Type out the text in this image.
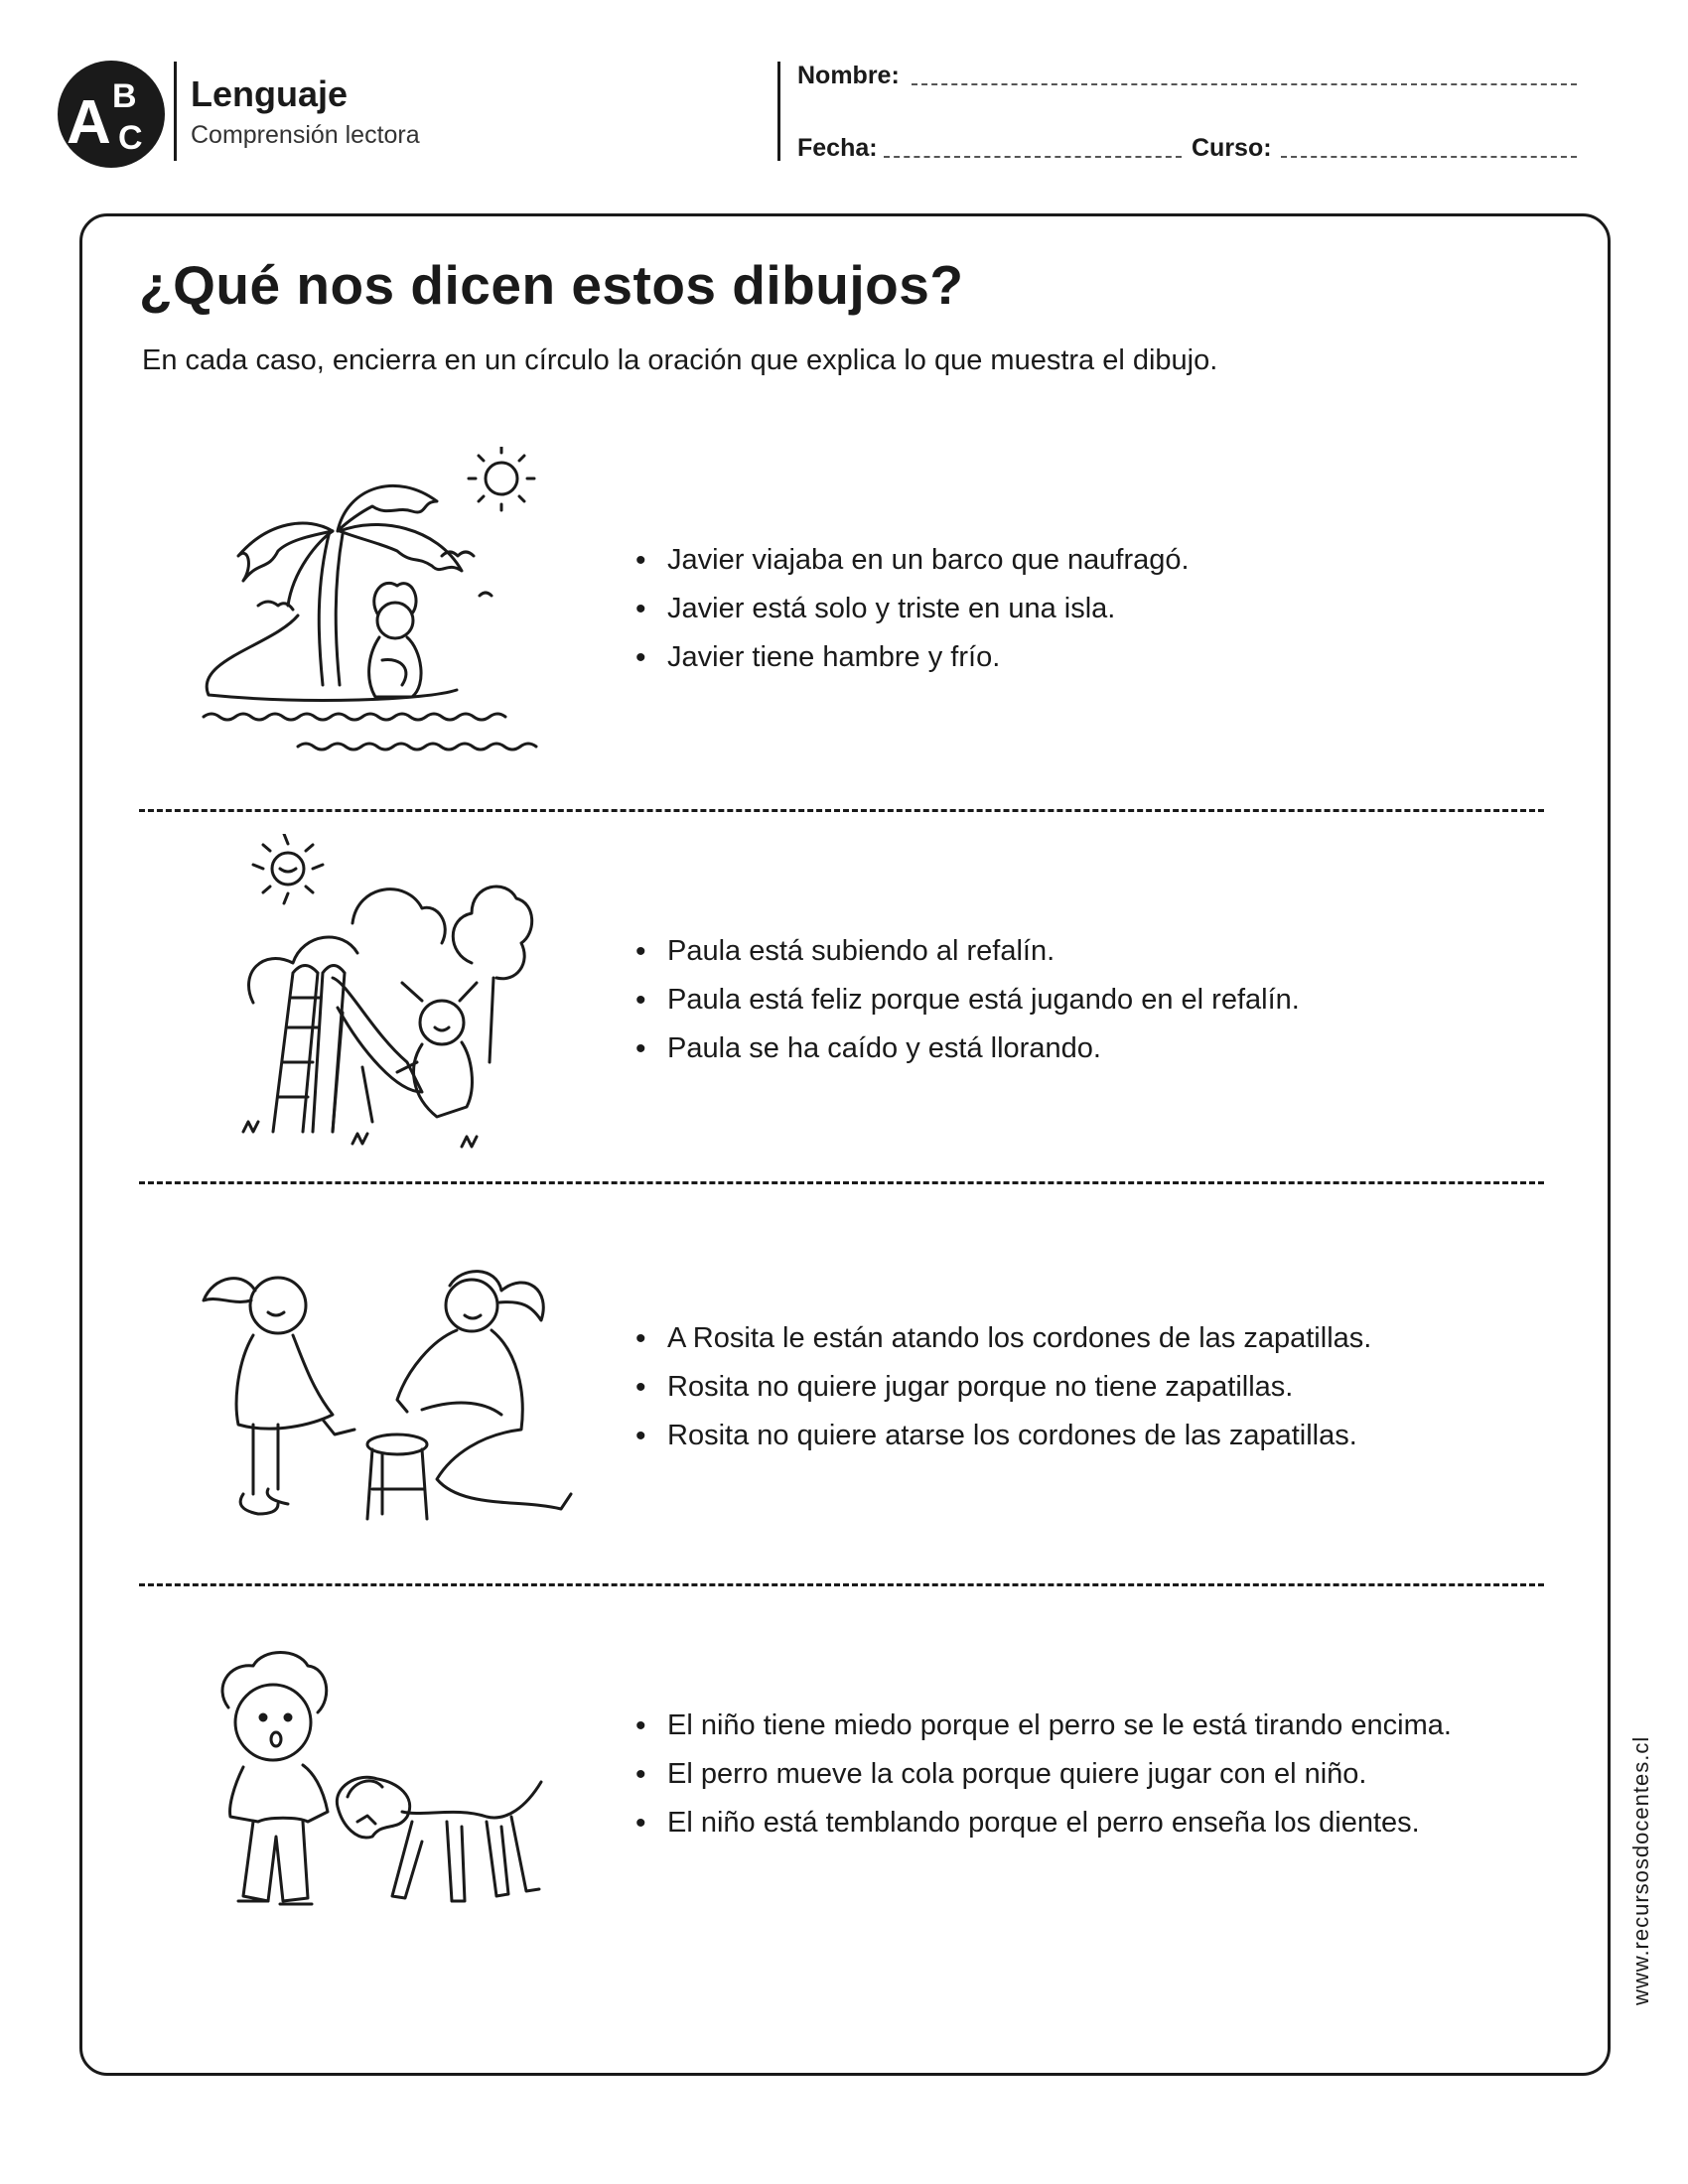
A B
C
Lenguaje
Comprensión lectora
Nombre:
Fecha:	Curso:
¿Qué nos dicen estos dibujos?
En cada caso, encierra en un círculo la oración que explica lo que muestra el dibujo.
• Javier viajaba en un barco que naufragó.
• Javier está solo y triste en una isla.
• Javier tiene hambre y frío.
• Paula está subiendo al refalín.
• Paula está feliz porque está jugando en el refalín.
• Paula se ha caído y está llorando.
• A Rosita le están atando los cordones de las zapatillas.
• Rosita no quiere jugar porque no tiene zapatillas.
• Rosita no quiere atarse los cordones de las zapatillas.
• El niño tiene miedo porque el perro se le está tirando encima.
• El perro mueve la cola porque quiere jugar con el niño.
• El niño está temblando porque el perro enseña los dientes.	www.recursosdocentes.cl
